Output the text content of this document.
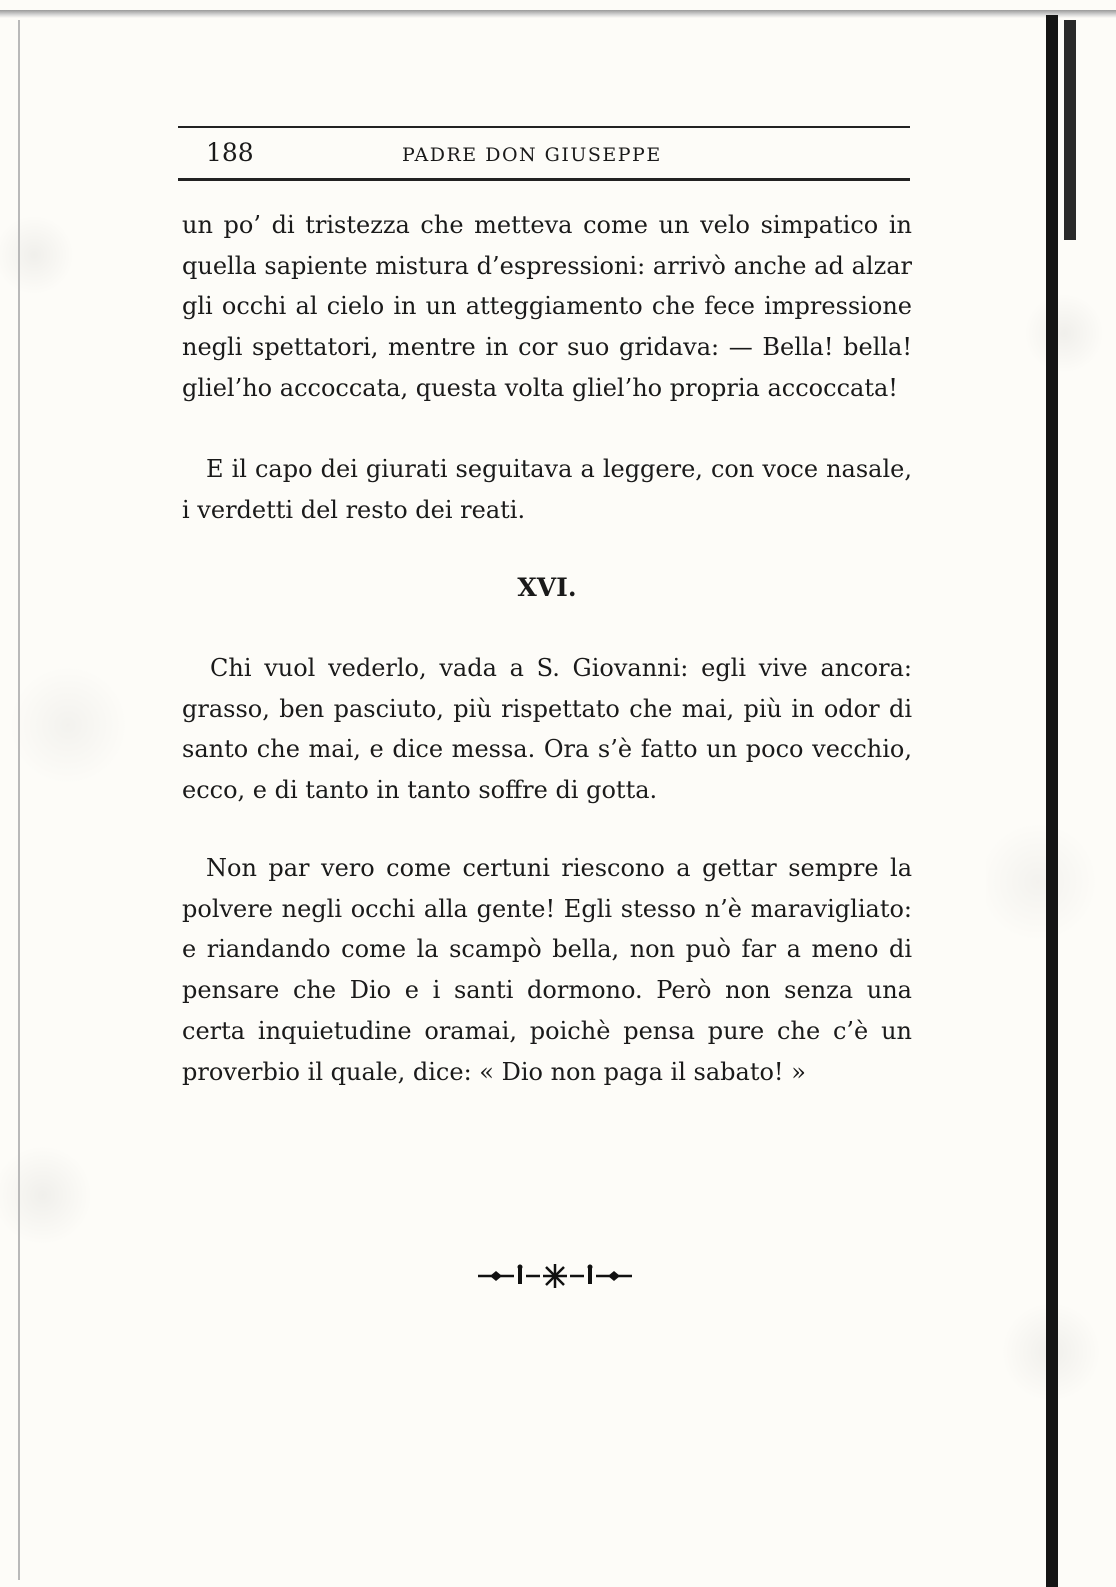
188	PADRE DON GIUSEPPE

un po’ di tristezza che metteva come un velo simpatico in quella sapiente mistura d’espressioni: arrivò anche ad alzar gli occhi al cielo in un atteggiamento che fece impressione negli spettatori, mentre in cor suo gridava: — Bella! bella! gliel’ho accoccata, questa volta gliel’ho propria accoccata!

E il capo dei giurati seguitava a leggere, con voce nasale, i verdetti del resto dei reati.

XVI.

Chi vuol vederlo, vada a S. Giovanni: egli vive ancora: grasso, ben pasciuto, più rispettato che mai, più in odor di santo che mai, e dice messa. Ora s’è fatto un poco vecchio, ecco, e di tanto in tanto soffre di gotta.

Non par vero come certuni riescono a gettar sempre la polvere negli occhi alla gente! Egli stesso n’è maravigliato: e riandando come la scampò bella, non può far a meno di pensare che Dio e i santi dormono. Però non senza una certa inquietudine oramai, poichè pensa pure che c’è un proverbio il quale, dice: « Dio non paga il sabato! »
